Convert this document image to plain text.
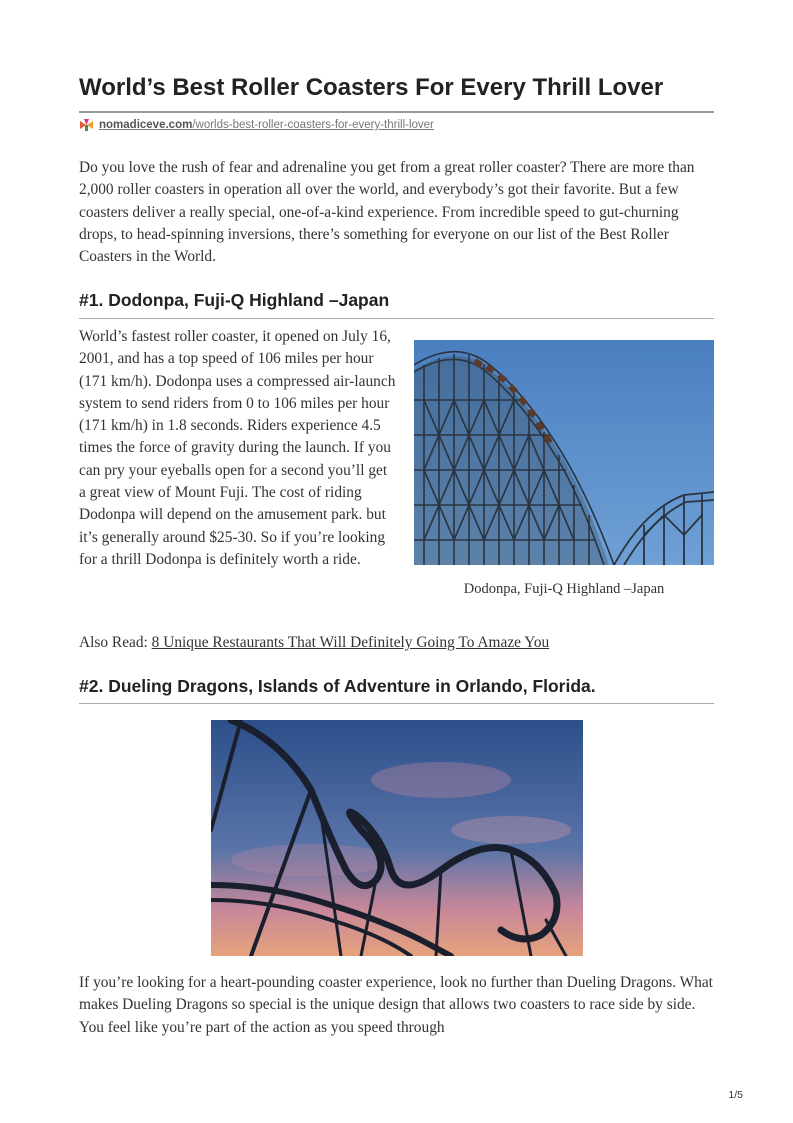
World’s Best Roller Coasters For Every Thrill Lover
nomadiceve.com/worlds-best-roller-coasters-for-every-thrill-lover

Do you love the rush of fear and adrenaline you get from a great roller coaster? There are more than 2,000 roller coasters in operation all over the world, and everybody’s got their favorite. But a few coasters deliver a really special, one-of-a-kind experience. From incredible speed to gut-churning drops, to head-spinning inversions, there’s something for everyone on our list of the Best Roller Coasters in the World.

#1. Dodonpa, Fuji-Q Highland –Japan

World’s fastest roller coaster, it opened on July 16, 2001, and has a top speed of 106 miles per hour (171 km/h). Dodonpa uses a compressed air-launch system to send riders from 0 to 106 miles per hour (171 km/h) in 1.8 seconds. Riders experience 4.5 times the force of gravity during the launch. If you can pry your eyeballs open for a second you’ll get a great view of Mount Fuji. The cost of riding Dodonpa will depend on the amusement park. but it’s generally around $25-30. So if you’re looking for a thrill Dodonpa is definitely worth a ride.

Dodonpa, Fuji-Q Highland –Japan
Also Read: 8 Unique Restaurants That Will Definitely Going To Amaze You
#2. Dueling Dragons, Islands of Adventure in Orlando, Florida.

If you’re looking for a heart-pounding coaster experience, look no further than Dueling Dragons. What makes Dueling Dragons so special is the unique design that allows two coasters to race side by side. You feel like you’re part of the action as you speed through

1/5
